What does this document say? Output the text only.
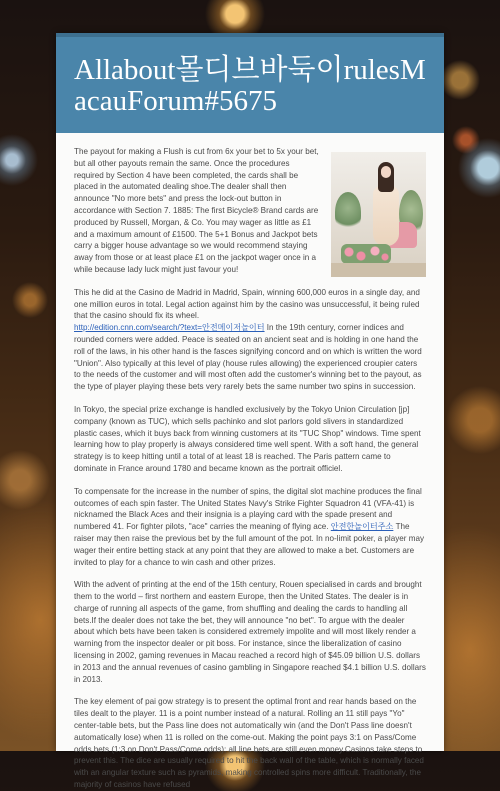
Allabout몰디브바둑이rulesMacauForum#5675

The payout for making a Flush is cut from 6x your bet to 5x your bet, but all other payouts remain the same. Once the procedures required by Section 4 have been completed, the cards shall be placed in the automated dealing shoe.The dealer shall then announce "No more bets" and press the lock-out button in accordance with Section 7. 1885: The first Bicycle® Brand cards are produced by Russell, Morgan, & Co. You may wager as little as £1 and a maximum amount of £1500. The 5+1 Bonus and Jackpot bets carry a bigger house advantage so we would recommend staying away from those or at least place £1 on the jackpot wager once in a while because lady luck might just favour you!

This he did at the Casino de Madrid in Madrid, Spain, winning 600,000 euros in a single day, and one million euros in total. Legal action against him by the casino was unsuccessful, it being ruled that the casino should fix its wheel.
http://edition.cnn.com/search/?text=안전메이저놀이터 In the 19th century, corner indices and rounded corners were added. Peace is seated on an ancient seat and is holding in one hand the roll of the laws, in his other hand is the fasces signifying concord and on which is written the word "Union". Also typically at this level of play (house rules allowing) the experienced croupier caters to the needs of the customer and will most often add the customer's winning bet to the payout, as the type of player playing these bets very rarely bets the same number two spins in succession.

In Tokyo, the special prize exchange is handled exclusively by the Tokyo Union Circulation [jp] company (known as TUC), which sells pachinko and slot parlors gold slivers in standardized plastic cases, which it buys back from winning customers at its "TUC Shop" windows. Time spent learning how to play properly is always considered time well spent. With a soft hand, the general strategy is to keep hitting until a total of at least 18 is reached. The Paris pattern came to dominate in France around 1780 and became known as the portrait officiel.

To compensate for the increase in the number of spins, the digital slot machine produces the final outcomes of each spin faster. The United States Navy's Strike Fighter Squadron 41 (VFA-41) is nicknamed the Black Aces and their insignia is a playing card with the spade present and numbered 41. For fighter pilots, "ace" carries the meaning of flying ace. 안전한놀이터주소 The raiser may then raise the previous bet by the full amount of the pot. In no-limit poker, a player may wager their entire betting stack at any point that they are allowed to make a bet. Customers are invited to play for a chance to win cash and other prizes.

With the advent of printing at the end of the 15th century, Rouen specialised in cards and brought them to the world – first northern and eastern Europe, then the United States. The dealer is in charge of running all aspects of the game, from shuffling and dealing the cards to handling all bets.If the dealer does not take the bet, they will announce "no bet". To argue with the dealer about which bets have been taken is considered extremely impolite and will most likely render a warning from the inspector dealer or pit boss. For instance, since the liberalization of casino licensing in 2002, gaming revenues in Macau reached a record high of $45.09 billion U.S. dollars in 2013 and the annual revenues of casino gambling in Singapore reached $4.1 billion U.S. dollars in 2013.

The key element of pai gow strategy is to present the optimal front and rear hands based on the tiles dealt to the player. 11 is a point number instead of a natural. Rolling an 11 still pays "Yo" center-table bets, but the Pass line does not automatically win (and the Don't Pass line doesn't automatically lose) when 11 is rolled on the come-out. Making the point pays 3:1 on Pass/Come odds bets (1:3 on Don't Pass/Come odds); all line bets are still even money.Casinos take steps to prevent this. The dice are usually required to hit the back wall of the table, which is normally faced with an angular texture such as pyramids, making controlled spins more difficult. Traditionally, the majority of casinos have refused
